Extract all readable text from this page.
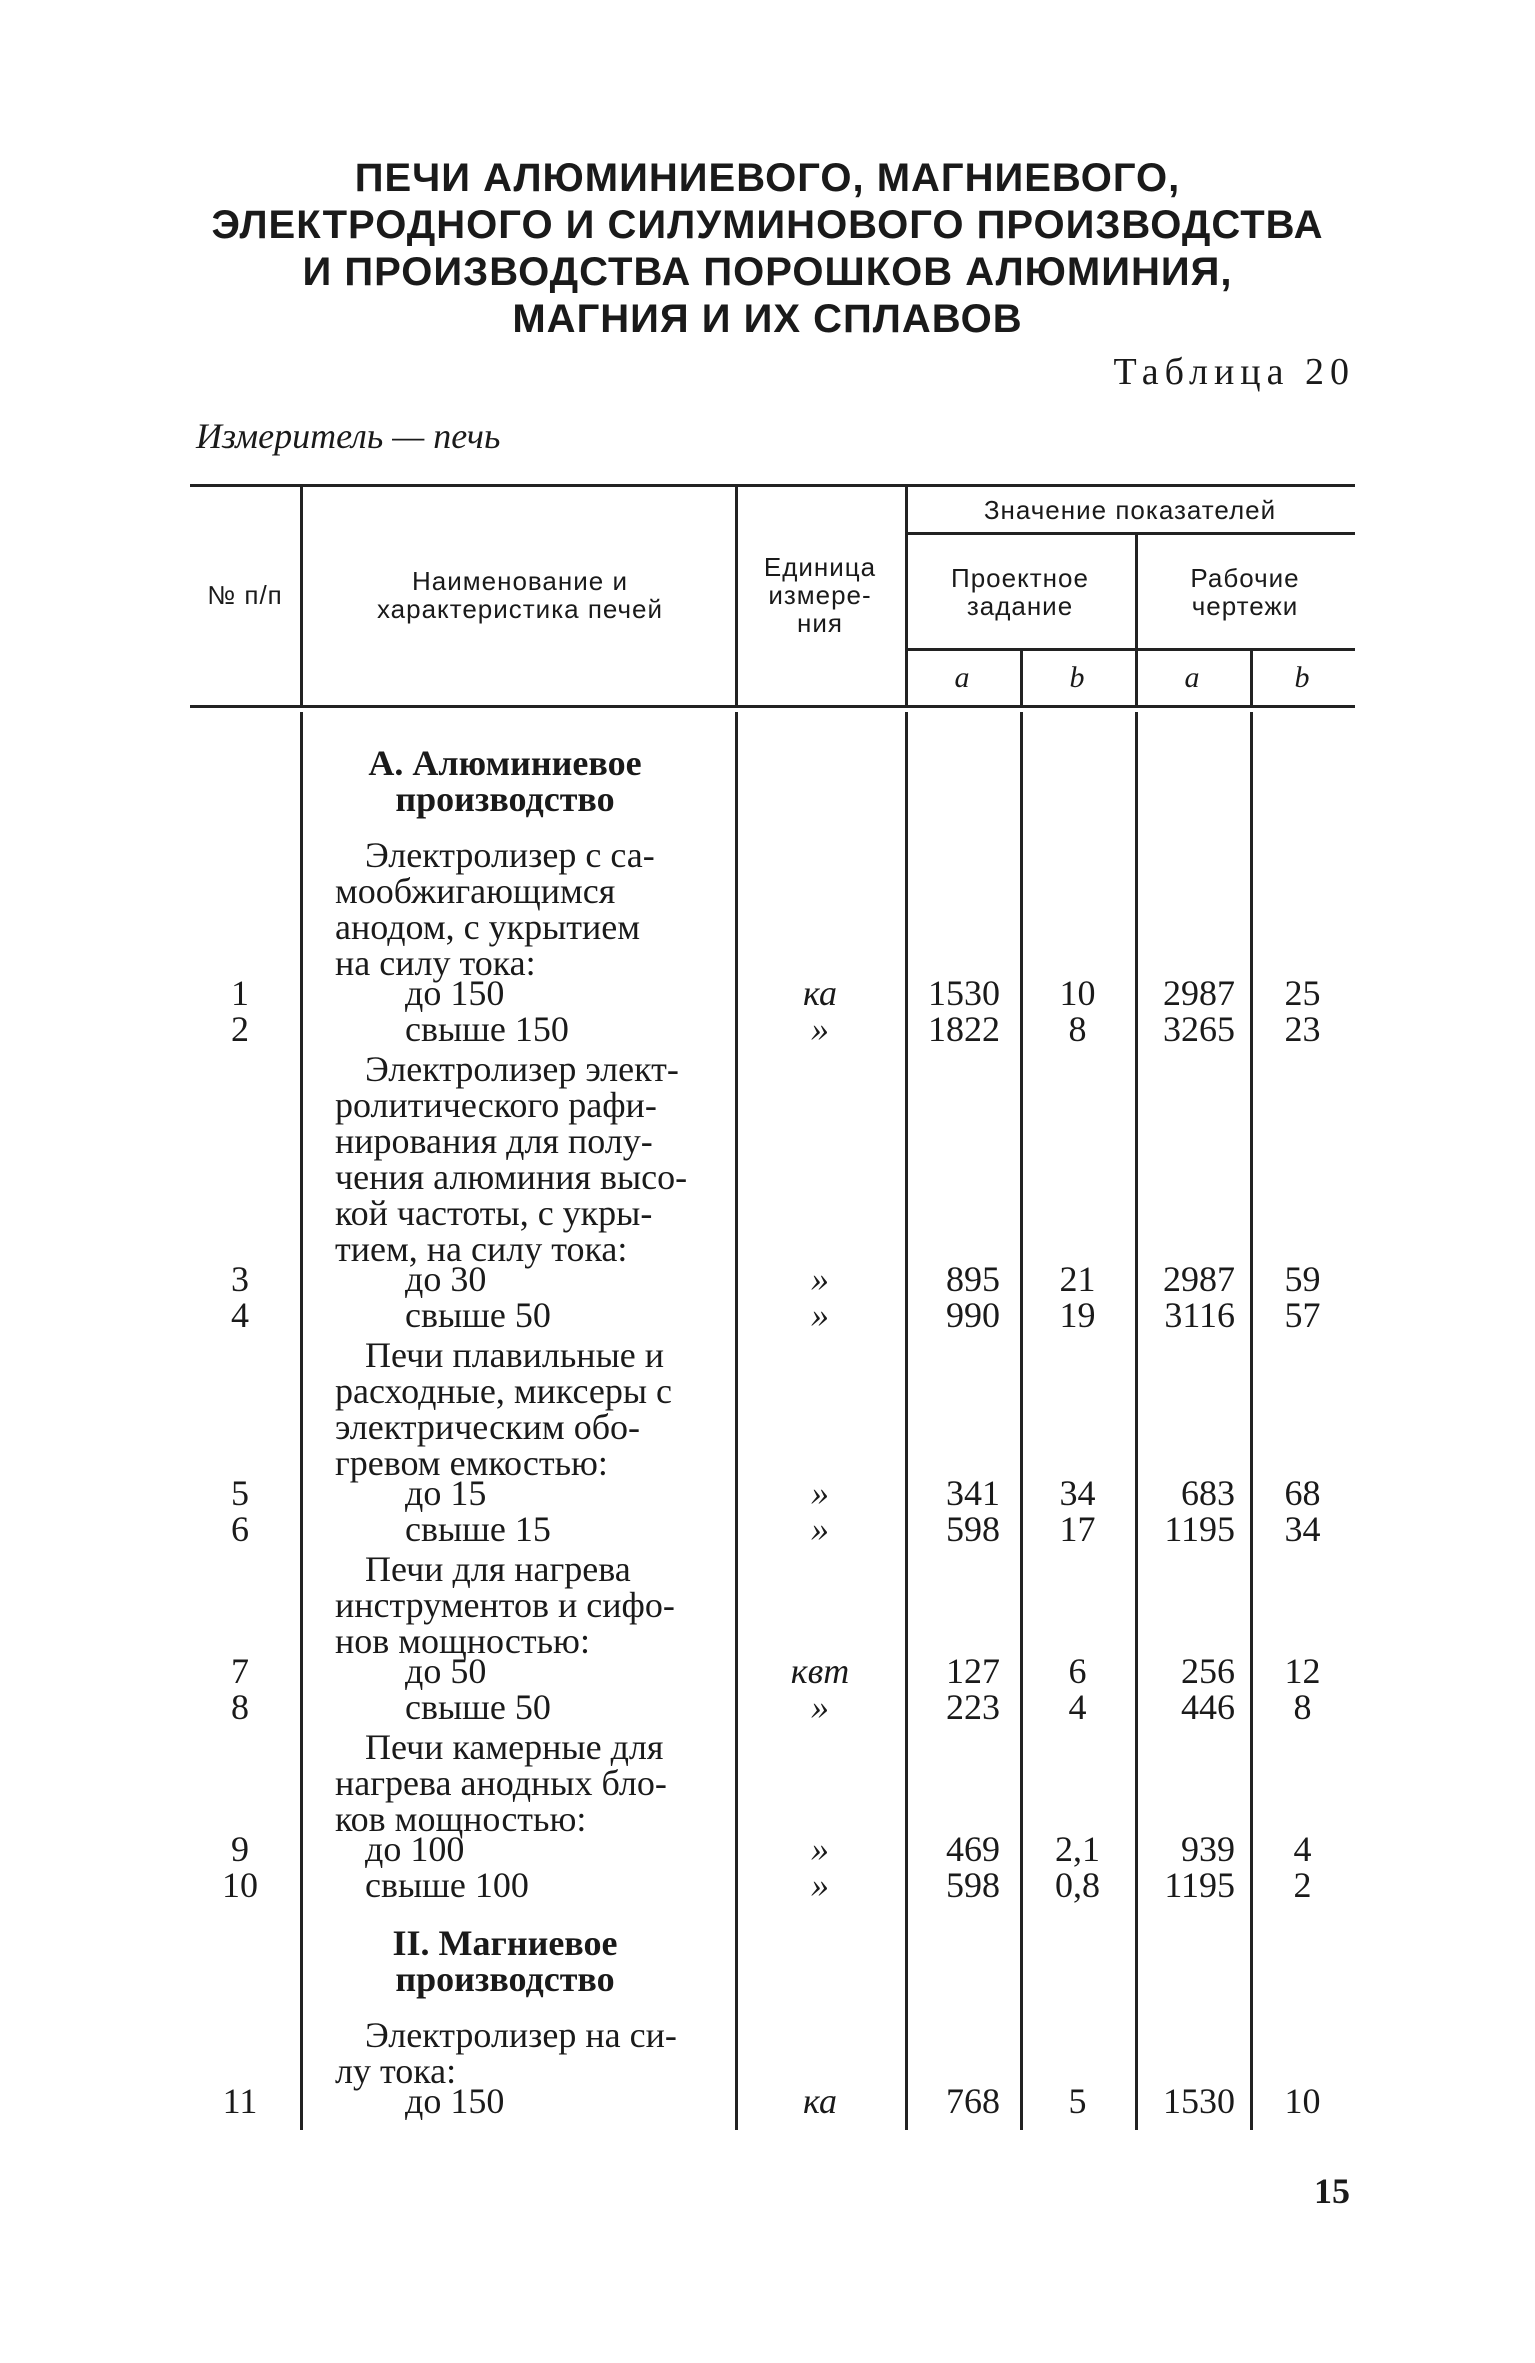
ПЕЧИ АЛЮМИНИЕВОГО, МАГНИЕВОГО,
ЭЛЕКТРОДНОГО И СИЛУМИНОВОГО ПРОИЗВОДСТВА
И ПРОИЗВОДСТВА ПОРОШКОВ АЛЮМИНИЯ,
МАГНИЯ И ИХ СПЛАВОВ
Таблица 20
Измеритель — печь
№ п/п	Наименование и характеристика печей
Единица измере- ния
Значение показателей
Проектное задание
Рабочие чертежи
a	b	a	b
А. Алюминиевое производство
II. Магниевое производство
Электролизер с са-
мообжигающимся
анодом, с укрытием
на силу тока:
Электролизер элект-
ролитического рафи-
нирования для полу-
чения алюминия высо-
кой частоты, с укры-
тием, на силу тока:
Печи плавильные и
расходные, миксеры с
электрическим обо-
гревом емкостью:
Печи для нагрева
инструментов и сифо-
нов мощностью:
Печи камерные для
нагрева анодных бло-
ков мощностью:
Электролизер на си-
лу тока:
1	до 150	ка	1530	10	2987	25
2	свыше 150	»	1822	8	3265	23
3	до 30	»	895	21	2987	59
4	свыше 50	»	990	19	3116	57
5	до 15	»	341	34	683	68
6	свыше 15	»	598	17	1195	34
7	до 50	квт	127	6	256	12
8	свыше 50	»	223	4	446	8
9	до 100	»	469	2,1	939	4
10	свыше 100	»	598	0,8	1195	2
11	до 150	ка	768	5	1530	10
15
